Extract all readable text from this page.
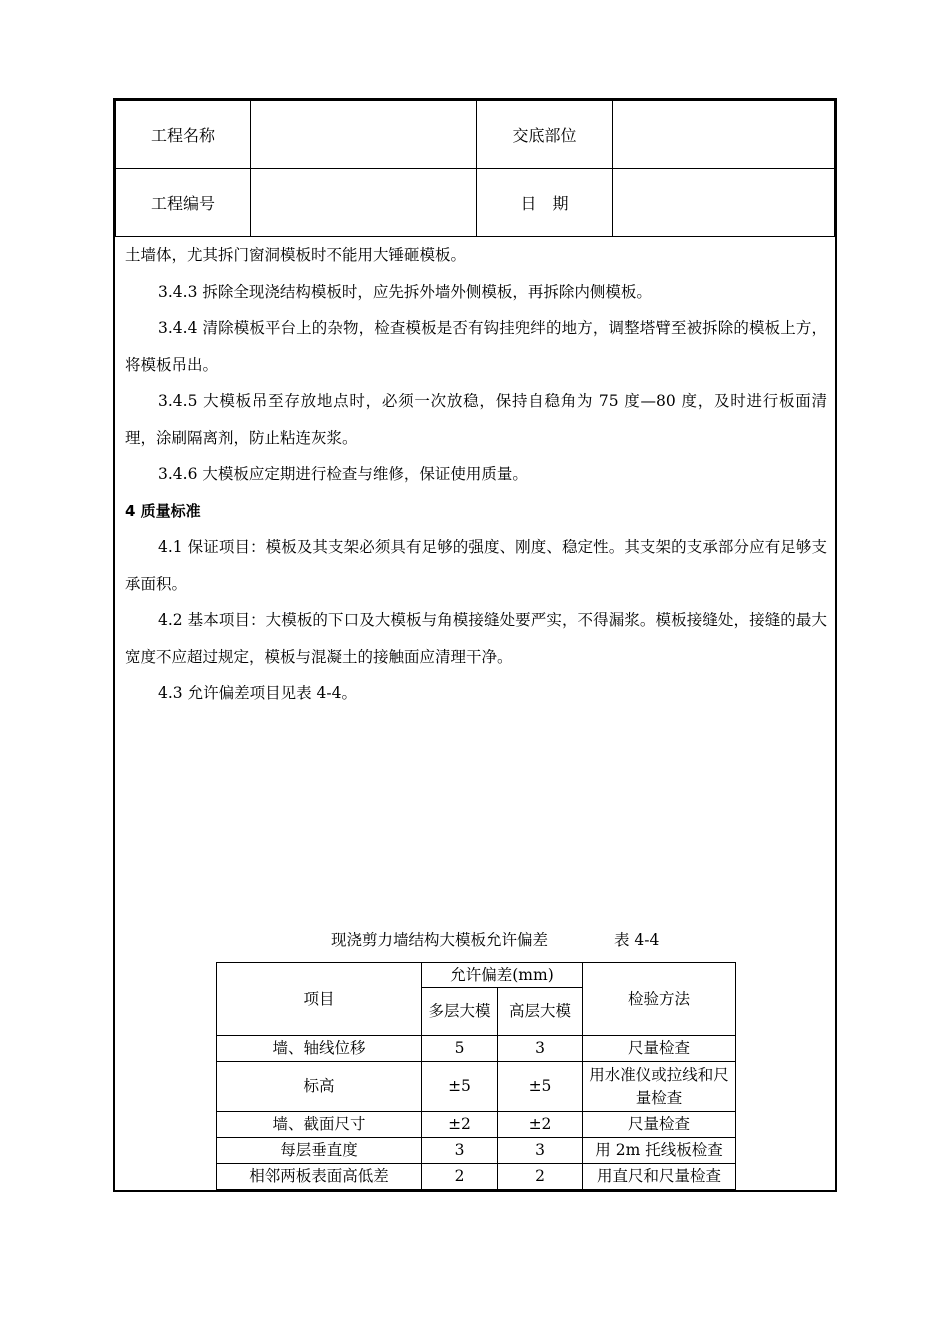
工程名称		交底部位	
工程编号		日　期	

土墙体，尤其拆门窗洞模板时不能用大锤砸模板。

3.4.3 拆除全现浇结构模板时，应先拆外墙外侧模板，再拆除内侧模板。

3.4.4 清除模板平台上的杂物，检查模板是否有钩挂兜绊的地方，调整塔臂至被拆除的模板上方，将模板吊出。

3.4.5 大模板吊至存放地点时，必须一次放稳，保持自稳角为 75 度—80 度，及时进行板面清理，涂刷隔离剂，防止粘连灰浆。

3.4.6 大模板应定期进行检查与维修，保证使用质量。

4 质量标准

4.1 保证项目：模板及其支架必须具有足够的强度、刚度、稳定性。其支架的支承部分应有足够支承面积。

4.2 基本项目：大模板的下口及大模板与角模接缝处要严实，不得漏浆。模板接缝处，接缝的最大宽度不应超过规定，模板与混凝土的接触面应清理干净。

4.3 允许偏差项目见表 4-4。

现浇剪力墙结构大模板允许偏差	表 4-4
项目	允许偏差(mm)		检验方法
	多层大模	高层大模	
墙、轴线位移	5	3	尺量检查
标高	±5	±5	用水准仪或拉线和尺量检查
墙、截面尺寸	±2	±2	尺量检查
每层垂直度	3	3	用 2m 托线板检查
相邻两板表面高低差	2	2	用直尺和尺量检查
